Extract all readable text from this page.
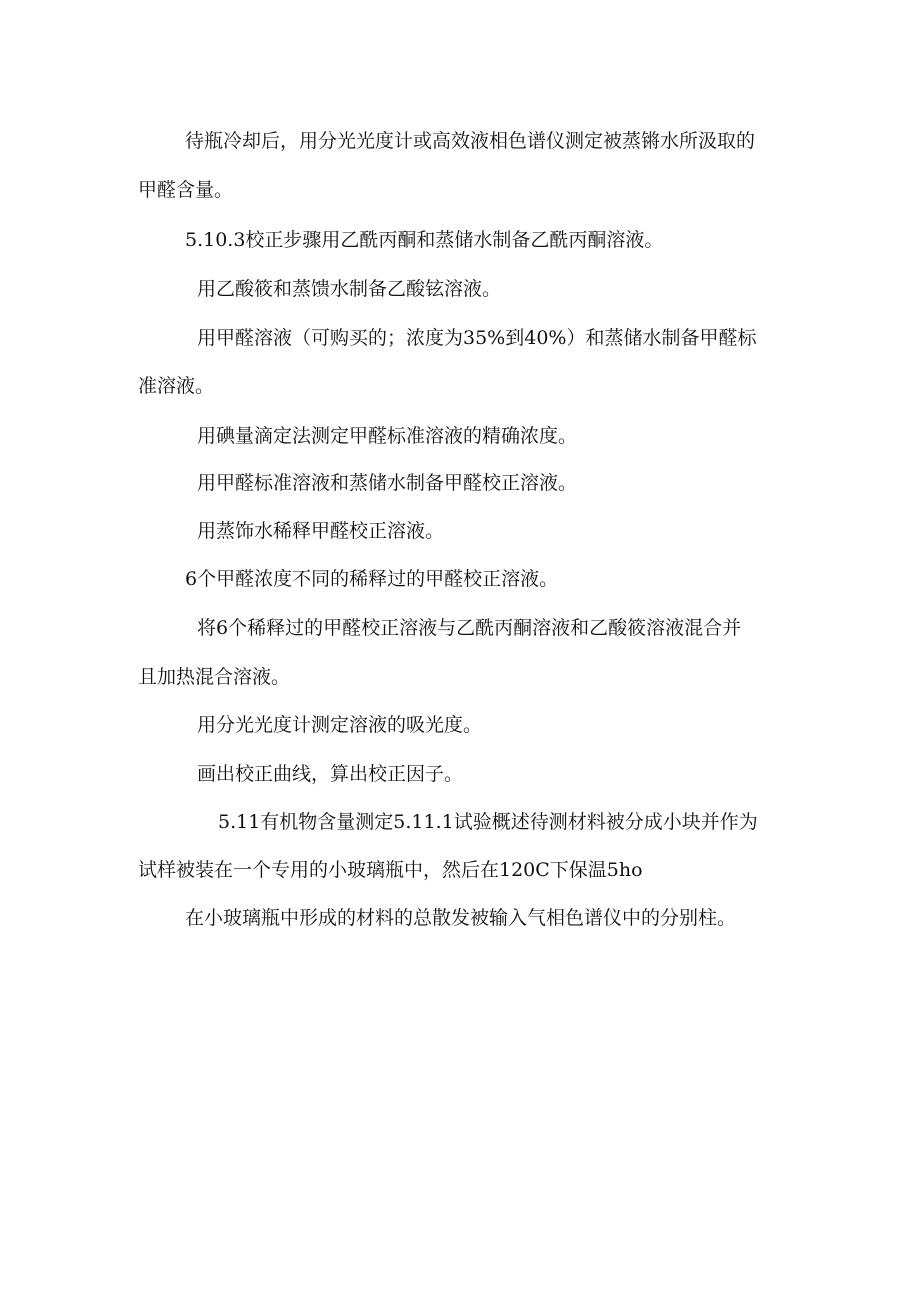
待瓶冷却后，用分光光度计或高效液相色谱仪测定被蒸锵水所汲取的

甲醛含量。

5.10.3校正步骤用乙酰丙酮和蒸储水制备乙酰丙酮溶液。

用乙酸筱和蒸馈水制备乙酸铉溶液。

用甲醛溶液（可购买的；浓度为35%到40%）和蒸储水制备甲醛标

准溶液。

用碘量滴定法测定甲醛标准溶液的精确浓度。

用甲醛标准溶液和蒸储水制备甲醛校正溶液。

用蒸饰水稀释甲醛校正溶液。

6个甲醛浓度不同的稀释过的甲醛校正溶液。

将6个稀释过的甲醛校正溶液与乙酰丙酮溶液和乙酸筱溶液混合并

且加热混合溶液。

用分光光度计测定溶液的吸光度。

画出校正曲线，算出校正因子。

5.11有机物含量测定5.11.1试验概述待测材料被分成小块并作为

试样被装在一个专用的小玻璃瓶中，然后在120C下保温5ho

在小玻璃瓶中形成的材料的总散发被输入气相色谱仪中的分别柱。
